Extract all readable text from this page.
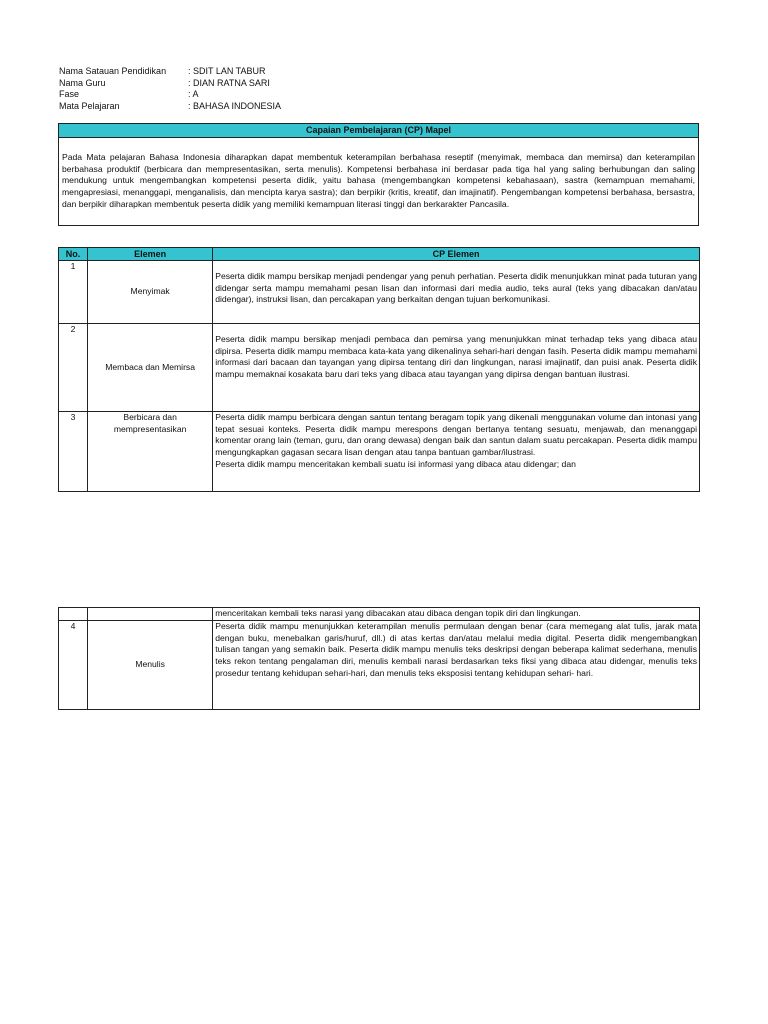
Nama Satauan Pendidikan	: SDIT LAN TABUR
Nama Guru	: DIAN RATNA SARI
Fase	: A
Mata Pelajaran	: BAHASA INDONESIA
Capaian Pembelajaran (CP) Mapel
Pada Mata pelajaran Bahasa Indonesia diharapkan dapat membentuk keterampilan berbahasa reseptif (menyimak, membaca dan memirsa) dan keterampilan berbahasa produktif (berbicara dan mempresentasikan, serta menulis). Kompetensi berbahasa ini berdasar pada tiga hal yang saling berhubungan dan saling mendukung untuk mengembangkan kompetensi peserta didik, yaitu bahasa (mengembangkan kompetensi kebahasaan), sastra (kemampuan memahami, mengapresiasi, menanggapi, menganalisis, dan mencipta karya sastra); dan berpikir (kritis, kreatif, dan imajinatif). Pengembangan kompetensi berbahasa, bersastra, dan berpikir diharapkan membentuk peserta didik yang memiliki kemampuan literasi tinggi dan berkarakter Pancasila.
No.	Elemen	CP Elemen
1	Menyimak	Peserta didik mampu bersikap menjadi pendengar yang penuh perhatian. Peserta didik menunjukkan minat pada tuturan yang didengar serta mampu memahami pesan lisan dan informasi dari media audio, teks aural (teks yang dibacakan dan/atau didengar), instruksi lisan, dan percakapan yang berkaitan dengan tujuan berkomunikasi.

2	Membaca dan Memirsa	Peserta didik mampu bersikap menjadi pembaca dan pemirsa yang menunjukkan minat terhadap teks yang dibaca atau dipirsa. Peserta didik mampu membaca kata-kata yang dikenalinya sehari-hari dengan fasih. Peserta didik mampu memahami informasi dari bacaan dan tayangan yang dipirsa tentang diri dan lingkungan, narasi imajinatif, dan puisi anak. Peserta didik mampu memaknai kosakata baru dari teks yang dibaca atau tayangan yang dipirsa dengan bantuan ilustrasi.

3	Berbicara dan mempresentasikan	Peserta didik mampu berbicara dengan santun tentang beragam topik yang dikenali menggunakan volume dan intonasi yang tepat sesuai konteks. Peserta didik mampu merespons dengan bertanya tentang sesuatu, menjawab, dan menanggapi komentar orang lain (teman, guru, dan orang dewasa) dengan baik dan santun dalam suatu percakapan. Peserta didik mampu mengungkapkan gagasan secara lisan dengan atau tanpa bantuan gambar/ilustrasi.
Peserta didik mampu menceritakan kembali suatu isi informasi yang dibaca atau didengar; dan
		menceritakan kembali teks narasi yang dibacakan atau dibaca dengan topik diri dan lingkungan.
4	Menulis	Peserta didik mampu menunjukkan keterampilan menulis permulaan dengan benar (cara memegang alat tulis, jarak mata dengan buku, menebalkan garis/huruf, dll.) di atas kertas dan/atau melalui media digital. Peserta didik mengembangkan tulisan tangan yang semakin baik. Peserta didik mampu menulis teks deskripsi dengan beberapa kalimat sederhana, menulis teks rekon tentang pengalaman diri, menulis kembali narasi berdasarkan teks fiksi yang dibaca atau didengar, menulis teks prosedur tentang kehidupan sehari-hari, dan menulis teks eksposisi tentang kehidupan sehari- hari.
